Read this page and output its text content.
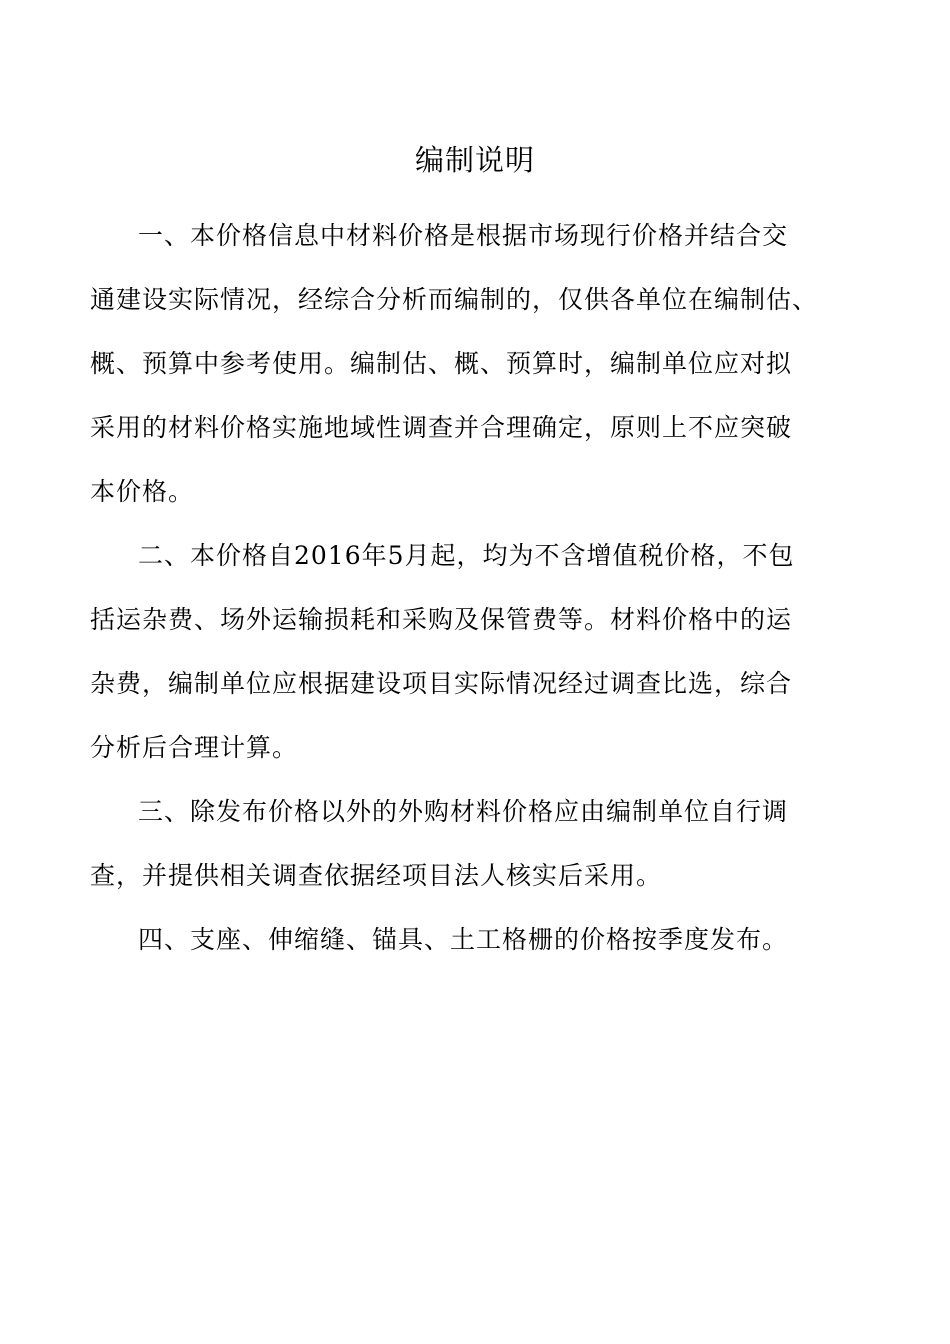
编制说明
一、本价格信息中材料价格是根据市场现行价格并结合交
通建设实际情况，经综合分析而编制的，仅供各单位在编制估、
概、预算中参考使用。编制估、概、预算时，编制单位应对拟
采用的材料价格实施地域性调查并合理确定，原则上不应突破
本价格。
二、本价格自2016年5月起，均为不含增值税价格，不包
括运杂费、场外运输损耗和采购及保管费等。材料价格中的运
杂费，编制单位应根据建设项目实际情况经过调查比选，综合
分析后合理计算。
三、除发布价格以外的外购材料价格应由编制单位自行调
查，并提供相关调查依据经项目法人核实后采用。
四、支座、伸缩缝、锚具、土工格栅的价格按季度发布。
